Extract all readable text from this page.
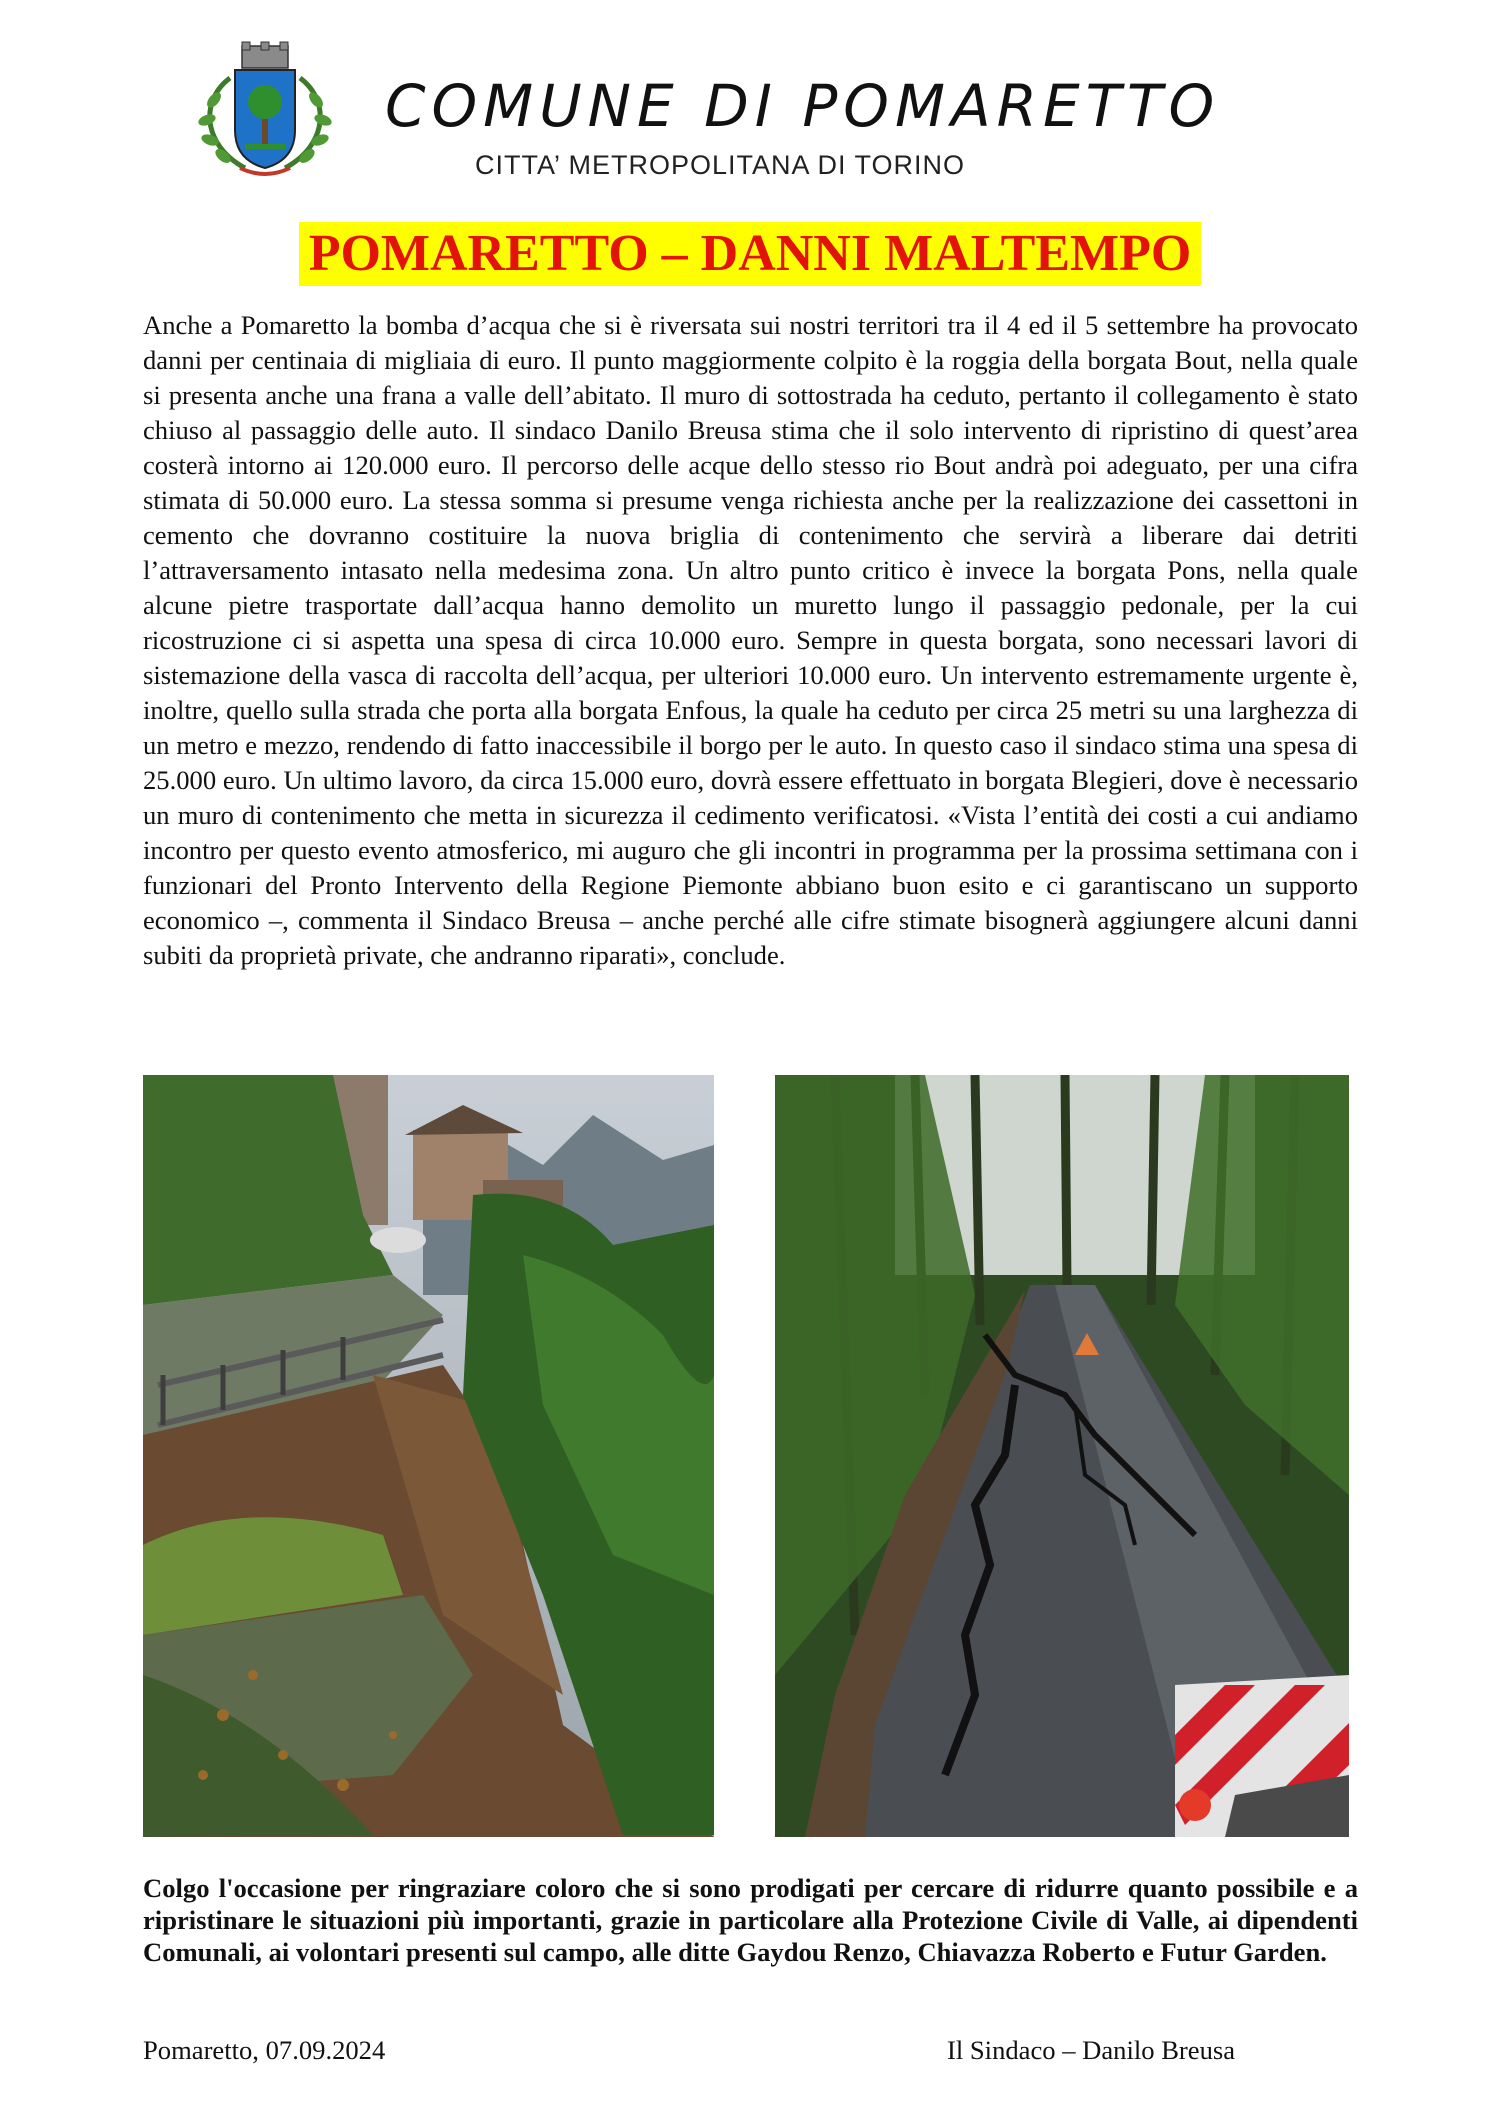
COMUNE DI POMARETTO
CITTA’ METROPOLITANA DI TORINO
POMARETTO – DANNI MALTEMPO

Anche a Pomaretto la bomba d’acqua che si è riversata sui nostri territori tra il 4 ed il 5 settembre ha provocato danni per centinaia di migliaia di euro. Il punto maggiormente colpito è la roggia della borgata Bout, nella quale si presenta anche una frana a valle dell’abitato. Il muro di sottostrada ha ceduto, pertanto il collegamento è stato chiuso al passaggio delle auto. Il sindaco Danilo Breusa stima che il solo intervento di ripristino di quest’area costerà intorno ai 120.000 euro. Il percorso delle acque dello stesso rio Bout andrà poi adeguato, per una cifra stimata di 50.000 euro. La stessa somma si presume venga richiesta anche per la realizzazione dei cassettoni in cemento che dovranno costituire la nuova briglia di contenimento che servirà a liberare dai detriti l’attraversamento intasato nella medesima zona. Un altro punto critico è invece la borgata Pons, nella quale alcune pietre trasportate dall’acqua hanno demolito un muretto lungo il passaggio pedonale, per la cui ricostruzione ci si aspetta una spesa di circa 10.000 euro. Sempre in questa borgata, sono necessari lavori di sistemazione della vasca di raccolta dell’acqua, per ulteriori 10.000 euro. Un intervento estremamente urgente è, inoltre, quello sulla strada che porta alla borgata Enfous, la quale ha ceduto per circa 25 metri su una larghezza di un metro e mezzo, rendendo di fatto inaccessibile il borgo per le auto. In questo caso il sindaco stima una spesa di 25.000 euro. Un ultimo lavoro, da circa 15.000 euro, dovrà essere effettuato in borgata Blegieri, dove è necessario un muro di contenimento che metta in sicurezza il cedimento verificatosi. «Vista l’entità dei costi a cui andiamo incontro per questo evento atmosferico, mi auguro che gli incontri in programma per la prossima settimana con i funzionari del Pronto Intervento della Regione Piemonte abbiano buon esito e ci garantiscano un supporto economico –, commenta il Sindaco Breusa – anche perché alle cifre stimate bisognerà aggiungere alcuni danni subiti da proprietà private, che andranno riparati», conclude.

Colgo l'occasione per ringraziare coloro che si sono prodigati per cercare di ridurre quanto possibile e a ripristinare le situazioni più importanti, grazie in particolare alla Protezione Civile di Valle, ai dipendenti Comunali, ai volontari presenti sul campo, alle ditte Gaydou Renzo, Chiavazza Roberto e Futur Garden.

Pomaretto, 07.09.2024	Il Sindaco – Danilo Breusa
